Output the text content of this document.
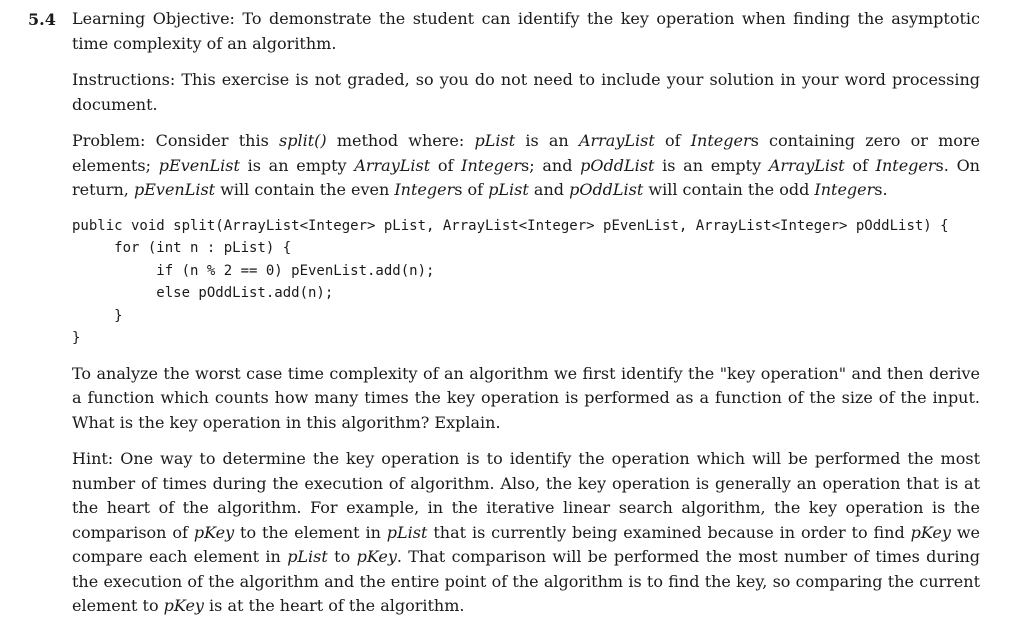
5.4 Learning Objective: To demonstrate the student can identify the key operation when finding the asymptotic time complexity of an algorithm.

Instructions: This exercise is not graded, so you do not need to include your solution in your word processing document.

Problem: Consider this split() method where: pList is an ArrayList of Integers containing zero or more elements; pEvenList is an empty ArrayList of Integers; and pOddList is an empty ArrayList of Integers. On return, pEvenList will contain the even Integers of pList and pOddList will contain the odd Integers.

public void split(ArrayList<Integer> pList, ArrayList<Integer> pEvenList, ArrayList<Integer> pOddList) {
for (int n : pList) {
if (n % 2 == 0) pEvenList.add(n);
else pOddList.add(n);
}
}

To analyze the worst case time complexity of an algorithm we first identify the "key operation" and then derive a function which counts how many times the key operation is performed as a function of the size of the input. What is the key operation in this algorithm? Explain.

Hint: One way to determine the key operation is to identify the operation which will be performed the most number of times during the execution of algorithm. Also, the key operation is generally an operation that is at the heart of the algorithm. For example, in the iterative linear search algorithm, the key operation is the comparison of pKey to the element in pList that is currently being examined because in order to find pKey we compare each element in pList to pKey. That comparison will be performed the most number of times during the execution of the algorithm and the entire point of the algorithm is to find the key, so comparing the current element to pKey is at the heart of the algorithm.
